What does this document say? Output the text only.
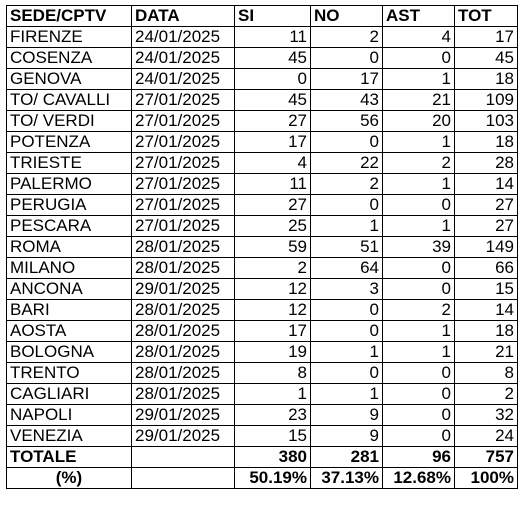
SEDE/CPTV	DATA	SI	NO	AST	TOT
FIRENZE	24/01/2025	11	2	4	17
COSENZA	24/01/2025	45	0	0	45
GENOVA	24/01/2025	0	17	1	18
TO/ CAVALLI	27/01/2025	45	43	21	109
TO/ VERDI	27/01/2025	27	56	20	103
POTENZA	27/01/2025	17	0	1	18
TRIESTE	27/01/2025	4	22	2	28
PALERMO	27/01/2025	11	2	1	14
PERUGIA	27/01/2025	27	0	0	27
PESCARA	27/01/2025	25	1	1	27
ROMA	28/01/2025	59	51	39	149
MILANO	28/01/2025	2	64	0	66
ANCONA	29/01/2025	12	3	0	15
BARI	28/01/2025	12	0	2	14
AOSTA	28/01/2025	17	0	1	18
BOLOGNA	28/01/2025	19	1	1	21
TRENTO	28/01/2025	8	0	0	8
CAGLIARI	28/01/2025	1	1	0	2
NAPOLI	29/01/2025	23	9	0	32
VENEZIA	29/01/2025	15	9	0	24
TOTALE		380	281	96	757
(%)		50.19%	37.13%	12.68%	100%
